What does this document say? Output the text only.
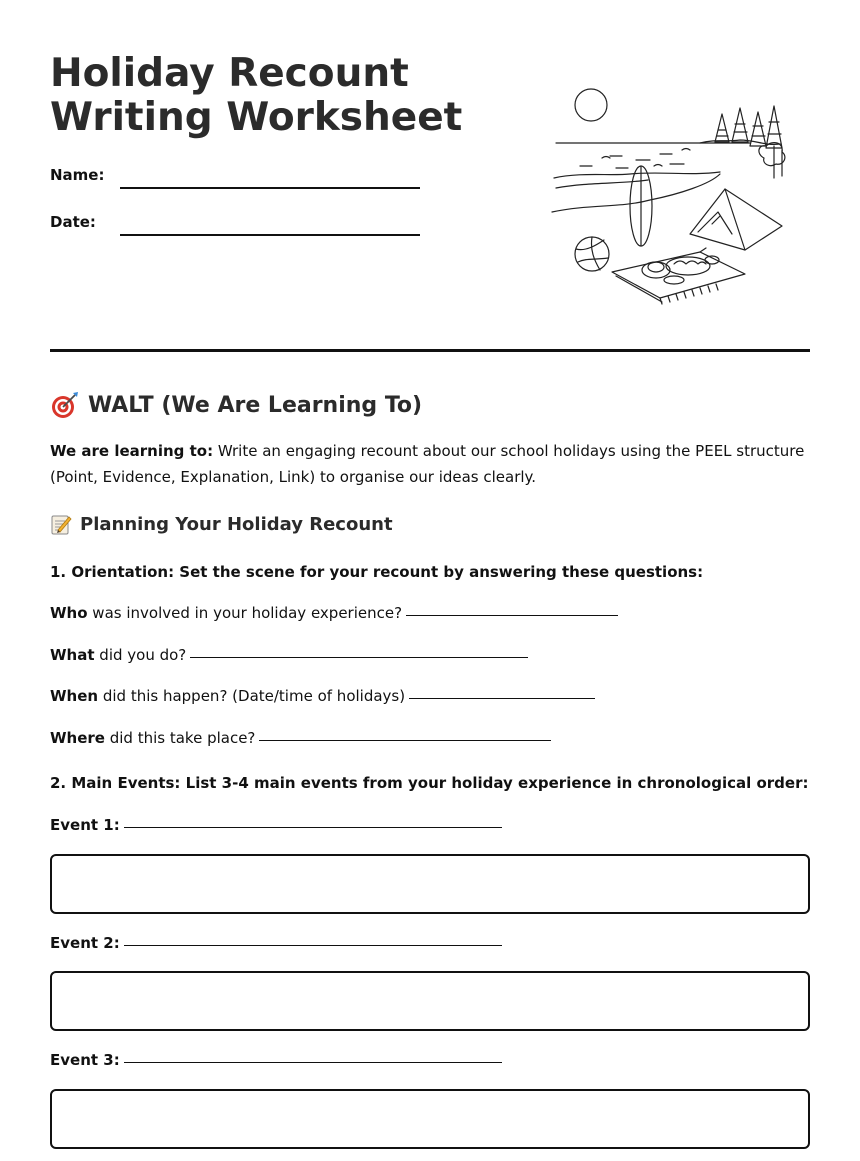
Holiday Recount
Writing Worksheet
Name:
Date:
WALT (We Are Learning To)
We are learning to: Write an engaging recount about our school holidays using the PEEL structure (Point, Evidence, Explanation, Link) to organise our ideas clearly.
Planning Your Holiday Recount
1. Orientation: Set the scene for your recount by answering these questions:
Who was involved in your holiday experience?
What did you do?
When did this happen? (Date/time of holidays)
Where did this take place?
2. Main Events: List 3-4 main events from your holiday experience in chronological order:
Event 1:
Event 2:
Event 3:
